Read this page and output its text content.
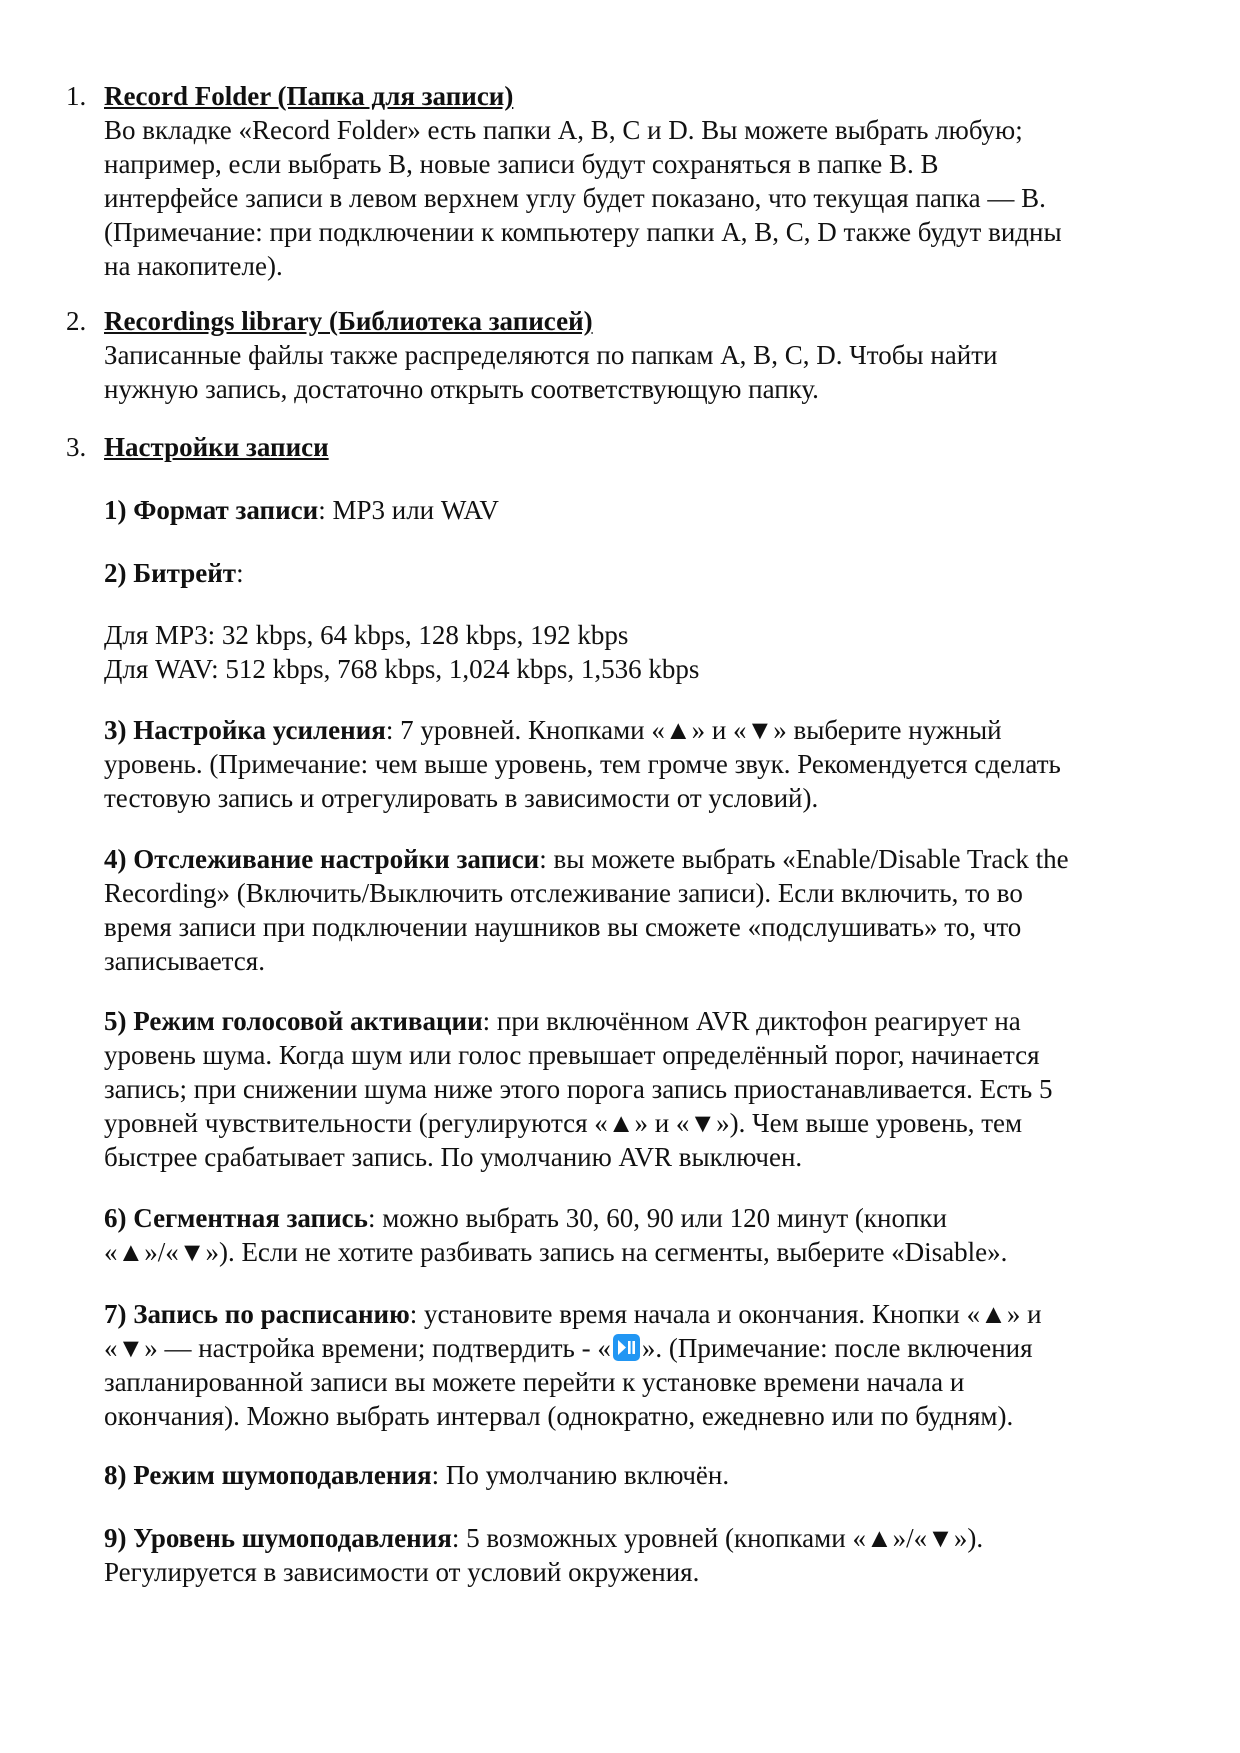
1. Record Folder (Папка для записи)
Во вкладке «Record Folder» есть папки A, B, C и D. Вы можете выбрать любую;
например, если выбрать B, новые записи будут сохраняться в папке B. В
интерфейсе записи в левом верхнем углу будет показано, что текущая папка — B.
(Примечание: при подключении к компьютеру папки A, B, C, D также будут видны
на накопителе).
2. Recordings library (Библиотека записей)
Записанные файлы также распределяются по папкам A, B, C, D. Чтобы найти
нужную запись, достаточно открыть соответствующую папку.
3. Настройки записи
1) Формат записи: MP3 или WAV
2) Битрейт:
Для MP3: 32 kbps, 64 kbps, 128 kbps, 192 kbps
Для WAV: 512 kbps, 768 kbps, 1,024 kbps, 1,536 kbps
3) Настройка усиления: 7 уровней. Кнопками «▲» и «▼» выберите нужный
уровень. (Примечание: чем выше уровень, тем громче звук. Рекомендуется сделать
тестовую запись и отрегулировать в зависимости от условий).
4) Отслеживание настройки записи: вы можете выбрать «Enable/Disable Track the
Recording» (Включить/Выключить отслеживание записи). Если включить, то во
время записи при подключении наушников вы сможете «подслушивать» то, что
записывается.
5) Режим голосовой активации: при включённом AVR диктофон реагирует на
уровень шума. Когда шум или голос превышает определённый порог, начинается
запись; при снижении шума ниже этого порога запись приостанавливается. Есть 5
уровней чувствительности (регулируются «▲» и «▼»). Чем выше уровень, тем
быстрее срабатывает запись. По умолчанию AVR выключен.
6) Сегментная запись: можно выбрать 30, 60, 90 или 120 минут (кнопки
«▲»/«▼»). Если не хотите разбивать запись на сегменты, выберите «Disable».
7) Запись по расписанию: установите время начала и окончания. Кнопки «▲» и
«▼» — настройка времени; подтвердить - « ». (Примечание: после включения
запланированной записи вы можете перейти к установке времени начала и
окончания). Можно выбрать интервал (однократно, ежедневно или по будням).
8) Режим шумоподавления: По умолчанию включён.
9) Уровень шумоподавления: 5 возможных уровней (кнопками «▲»/«▼»).
Регулируется в зависимости от условий окружения.
